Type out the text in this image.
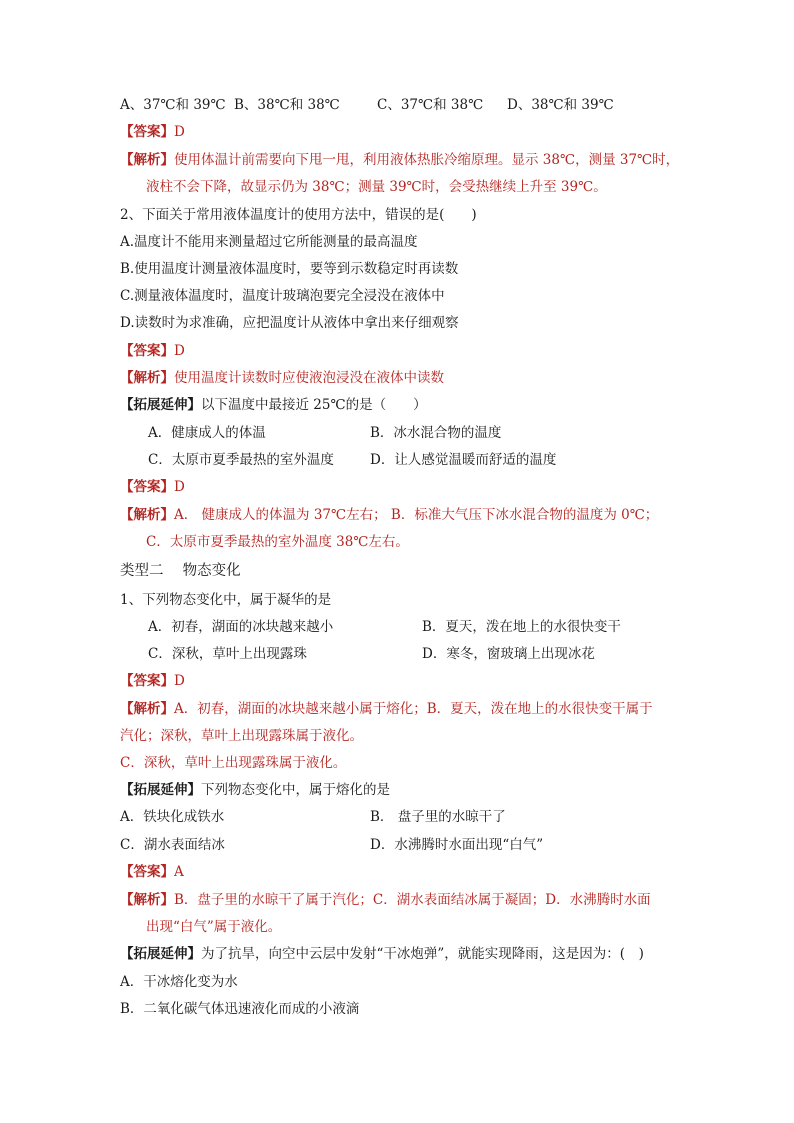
A、37℃和 39℃ B、38℃和 38℃	C、37℃和 38℃ D、38℃和 39℃
【答案】D
【解析】使用体温计前需要向下甩一甩，利用液体热胀冷缩原理。显示 38℃，测量 37℃时，
液柱不会下降，故显示仍为 38℃；测量 39℃时，会受热继续上升至 39℃。
2、下面关于常用液体温度计的使用方法中，错误的是(　　)
A.温度计不能用来测量超过它所能测量的最高温度
B.使用温度计测量液体温度时，要等到示数稳定时再读数
C.测量液体温度时，温度计玻璃泡要完全浸没在液体中
D.读数时为求准确，应把温度计从液体中拿出来仔细观察
【答案】D
【解析】使用温度计读数时应使液泡浸没在液体中读数
【拓展延伸】以下温度中最接近 25℃的是（　　）
A．健康成人的体温	B．冰水混合物的温度
C．太原市夏季最热的室外温度	D．让人感觉温暖而舒适的温度
【答案】D
【解析】A． 健康成人的体温为 37℃左右； B．标准大气压下冰水混合物的温度为 0℃；
C．太原市夏季最热的室外温度 38℃左右。
类型二　 物态变化
1、下列物态变化中，属于凝华的是
A．初春，湖面的冰块越来越小	B．夏天，泼在地上的水很快变干
C．深秋，草叶上出现露珠	D．寒冬，窗玻璃上出现冰花
【答案】D
【解析】A．初春，湖面的冰块越来越小属于熔化；B．夏天，泼在地上的水很快变干属于
汽化；深秋，草叶上出现露珠属于液化。
C．深秋，草叶上出现露珠属于液化。
【拓展延伸】下列物态变化中，属于熔化的是
A．铁块化成铁水	B． 盘子里的水晾干了
C．湖水表面结冰	D．水沸腾时水面出现“白气”
【答案】A
【解析】B．盘子里的水晾干了属于汽化；C．湖水表面结冰属于凝固；D．水沸腾时水面
出现“白气”属于液化。
【拓展延伸】为了抗旱，向空中云层中发射“干冰炮弹”，就能实现降雨，这是因为：(　)
A．干冰熔化变为水
B．二氧化碳气体迅速液化而成的小液滴
